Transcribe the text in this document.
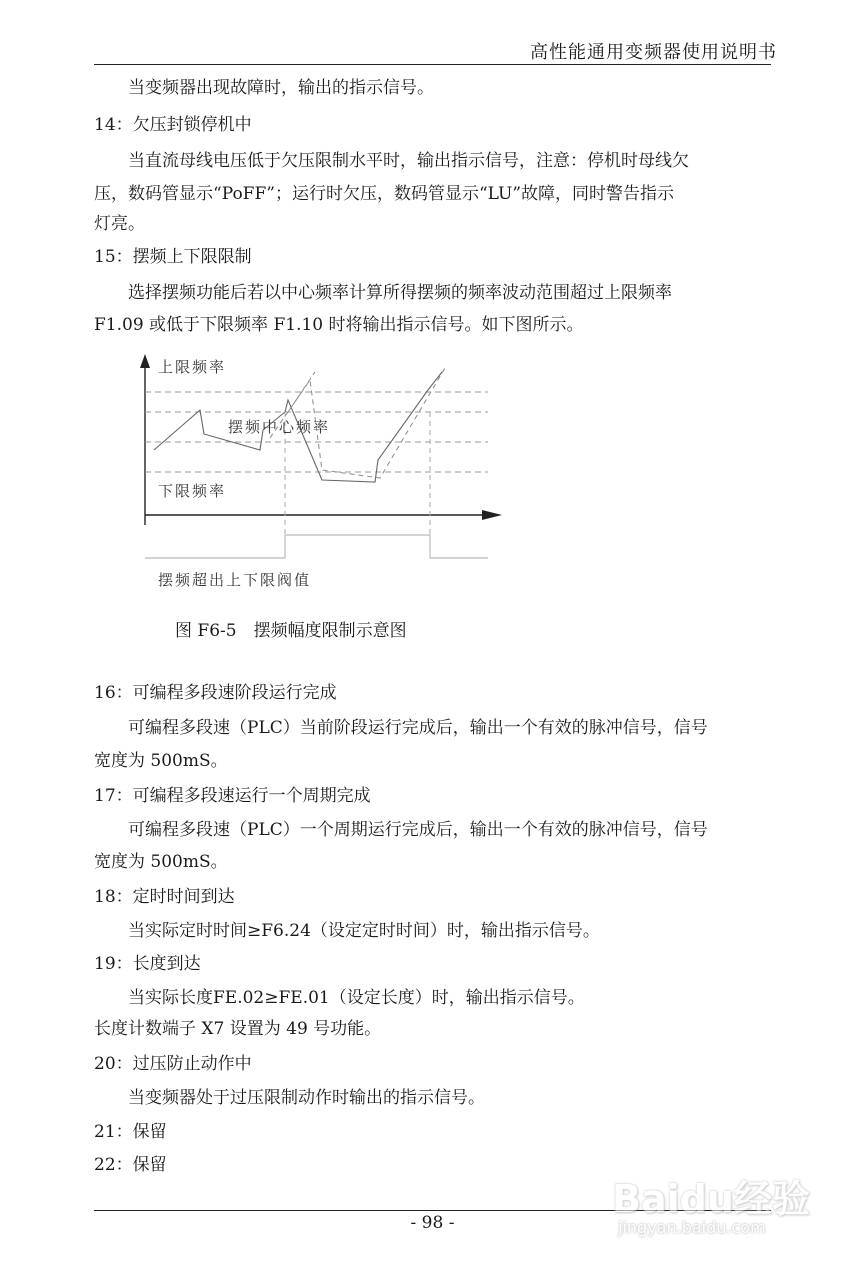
高性能通用变频器使用说明书
当变频器出现故障时，输出的指示信号。
14：欠压封锁停机中
当直流母线电压低于欠压限制水平时，输出指示信号，注意：停机时母线欠
压，数码管显示“PoFF”；运行时欠压，数码管显示“LU”故障，同时警告指示
灯亮。
15：摆频上下限限制
选择摆频功能后若以中心频率计算所得摆频的频率波动范围超过上限频率
F1.09 或低于下限频率 F1.10 时将输出指示信号。如下图所示。
上限频率
摆频中心频率
下限频率
摆频超出上下限阀值
图 F6-5　摆频幅度限制示意图
16：可编程多段速阶段运行完成
可编程多段速（PLC）当前阶段运行完成后，输出一个有效的脉冲信号，信号
宽度为 500mS。
17：可编程多段速运行一个周期完成
可编程多段速（PLC）一个周期运行完成后，输出一个有效的脉冲信号，信号
宽度为 500mS。
18：定时时间到达
当实际定时时间≥F6.24（设定定时时间）时，输出指示信号。
19：长度到达
当实际长度FE.02≥FE.01（设定长度）时，输出指示信号。
长度计数端子 X7 设置为 49 号功能。
20：过压防止动作中
当变频器处于过压限制动作时输出的指示信号。
21：保留
22：保留
- 98 -
Baidu经验
jingyan.baidu.com
